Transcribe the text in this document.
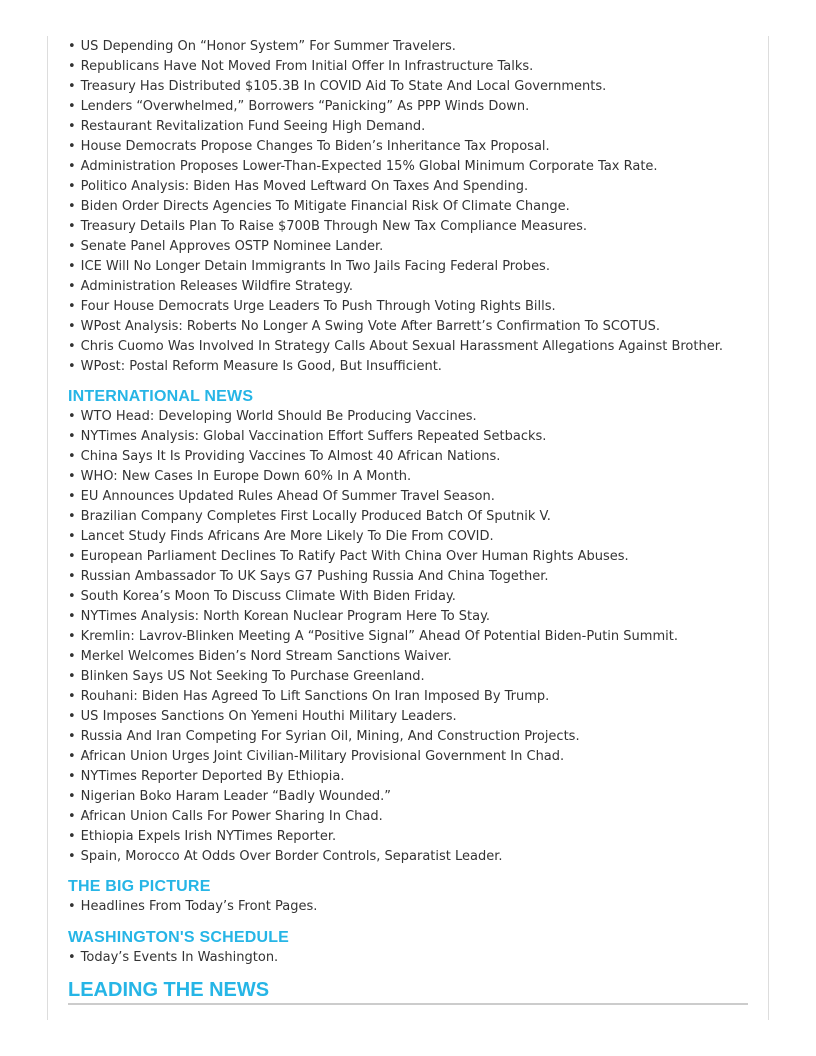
• US Depending On “Honor System” For Summer Travelers.
• Republicans Have Not Moved From Initial Offer In Infrastructure Talks.
• Treasury Has Distributed $105.3B In COVID Aid To State And Local Governments.
• Lenders “Overwhelmed,” Borrowers “Panicking” As PPP Winds Down.
• Restaurant Revitalization Fund Seeing High Demand.
• House Democrats Propose Changes To Biden’s Inheritance Tax Proposal.
• Administration Proposes Lower-Than-Expected 15% Global Minimum Corporate Tax Rate.
• Politico Analysis: Biden Has Moved Leftward On Taxes And Spending.
• Biden Order Directs Agencies To Mitigate Financial Risk Of Climate Change.
• Treasury Details Plan To Raise $700B Through New Tax Compliance Measures.
• Senate Panel Approves OSTP Nominee Lander.
• ICE Will No Longer Detain Immigrants In Two Jails Facing Federal Probes.
• Administration Releases Wildfire Strategy.
• Four House Democrats Urge Leaders To Push Through Voting Rights Bills.
• WPost Analysis: Roberts No Longer A Swing Vote After Barrett’s Confirmation To SCOTUS.
• Chris Cuomo Was Involved In Strategy Calls About Sexual Harassment Allegations Against Brother.
• WPost: Postal Reform Measure Is Good, But Insufficient.
INTERNATIONAL NEWS
• WTO Head: Developing World Should Be Producing Vaccines.
• NYTimes Analysis: Global Vaccination Effort Suffers Repeated Setbacks.
• China Says It Is Providing Vaccines To Almost 40 African Nations.
• WHO: New Cases In Europe Down 60% In A Month.
• EU Announces Updated Rules Ahead Of Summer Travel Season.
• Brazilian Company Completes First Locally Produced Batch Of Sputnik V.
• Lancet Study Finds Africans Are More Likely To Die From COVID.
• European Parliament Declines To Ratify Pact With China Over Human Rights Abuses.
• Russian Ambassador To UK Says G7 Pushing Russia And China Together.
• South Korea’s Moon To Discuss Climate With Biden Friday.
• NYTimes Analysis: North Korean Nuclear Program Here To Stay.
• Kremlin: Lavrov-Blinken Meeting A “Positive Signal” Ahead Of Potential Biden-Putin Summit.
• Merkel Welcomes Biden’s Nord Stream Sanctions Waiver.
• Blinken Says US Not Seeking To Purchase Greenland.
• Rouhani: Biden Has Agreed To Lift Sanctions On Iran Imposed By Trump.
• US Imposes Sanctions On Yemeni Houthi Military Leaders.
• Russia And Iran Competing For Syrian Oil, Mining, And Construction Projects.
• African Union Urges Joint Civilian-Military Provisional Government In Chad.
• NYTimes Reporter Deported By Ethiopia.
• Nigerian Boko Haram Leader “Badly Wounded.”
• African Union Calls For Power Sharing In Chad.
• Ethiopia Expels Irish NYTimes Reporter.
• Spain, Morocco At Odds Over Border Controls, Separatist Leader.
THE BIG PICTURE
• Headlines From Today’s Front Pages.
WASHINGTON'S SCHEDULE
• Today’s Events In Washington.
LEADING THE NEWS
